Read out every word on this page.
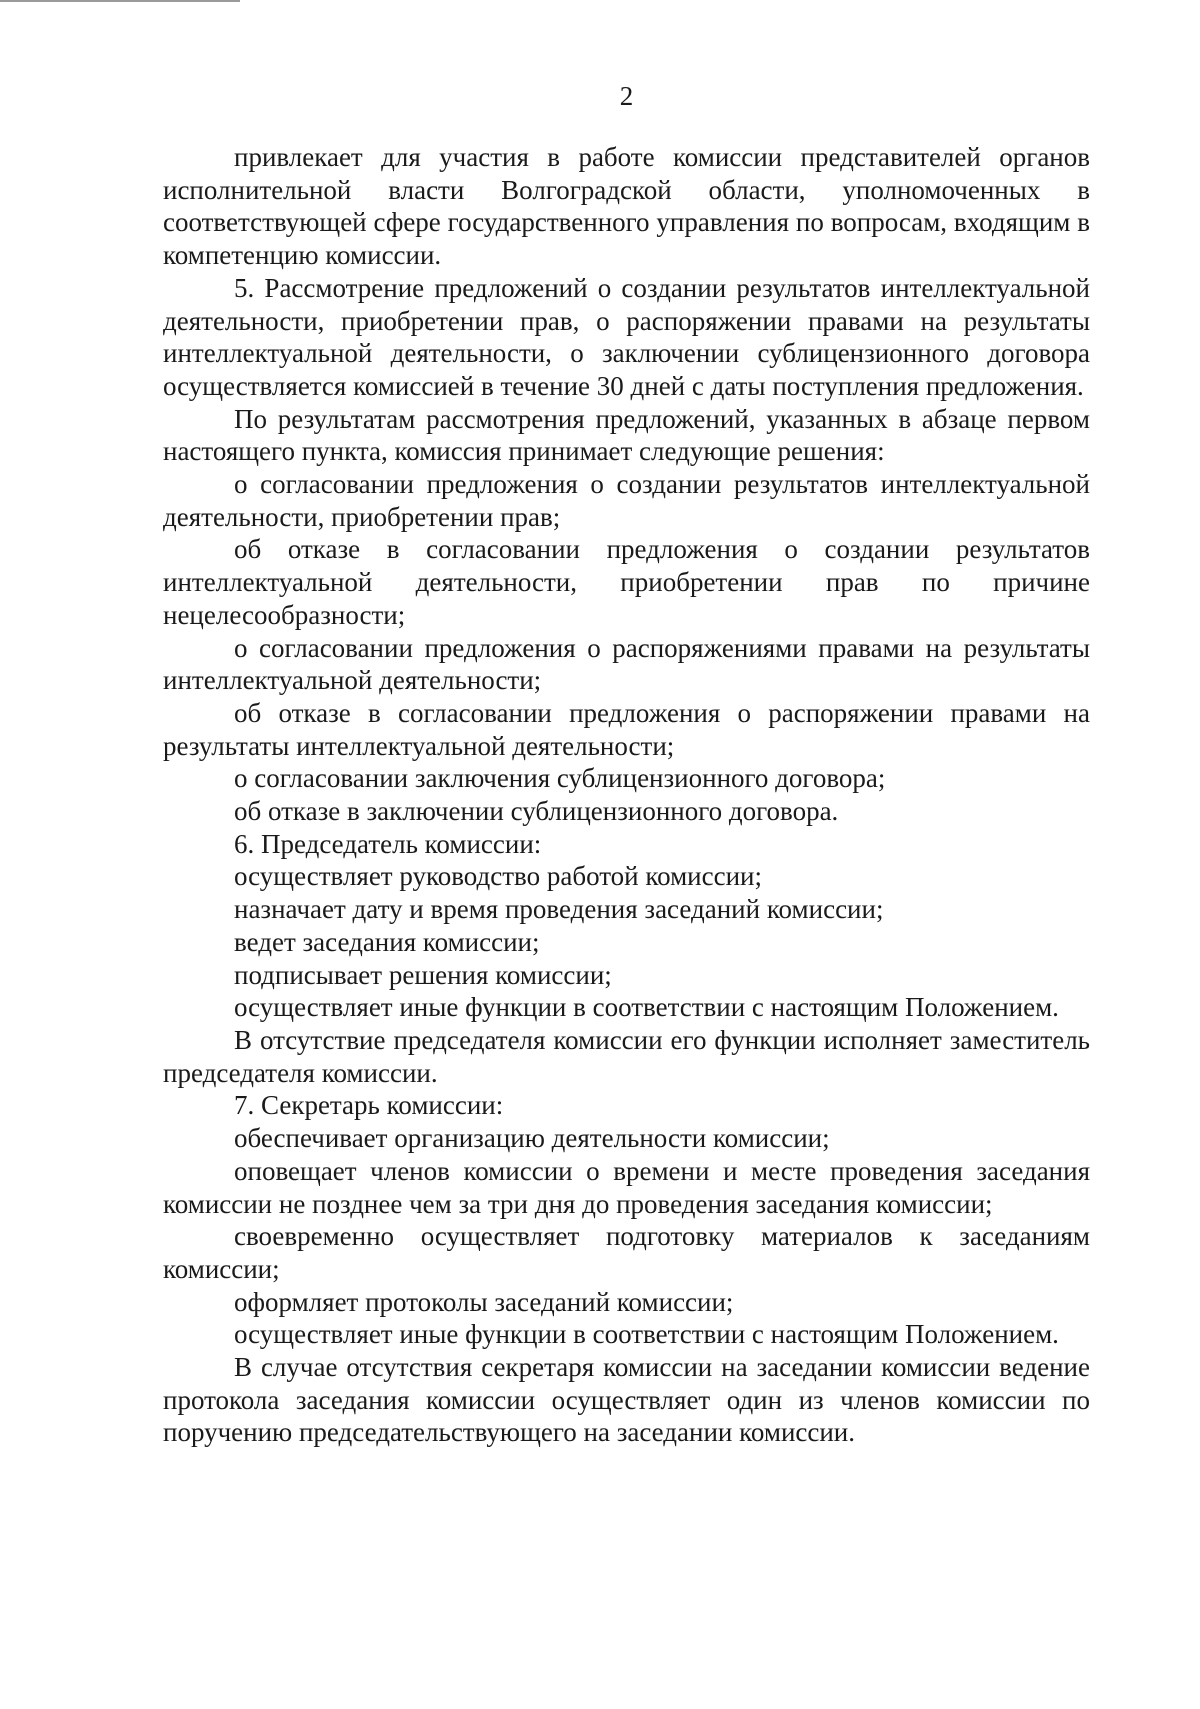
2

привлекает для участия в работе комиссии представителей органов исполнительной власти Волгоградской области, уполномоченных в соответствующей сфере государственного управления по вопросам, входящим в компетенцию комиссии.

5. Рассмотрение предложений о создании результатов интеллектуальной деятельности, приобретении прав, о распоряжении правами на результаты интеллектуальной деятельности, о заключении сублицензионного договора осуществляется комиссией в течение 30 дней с даты поступления предложения.

По результатам рассмотрения предложений, указанных в абзаце первом настоящего пункта, комиссия принимает следующие решения:

о согласовании предложения о создании результатов интеллектуальной деятельности, приобретении прав;

об отказе в согласовании предложения о создании результатов интеллектуальной деятельности, приобретении прав по причине нецелесообразности;

о согласовании предложения о распоряжениями правами на результаты интеллектуальной деятельности;

об отказе в согласовании предложения о распоряжении правами на результаты интеллектуальной деятельности;

о согласовании заключения сублицензионного договора;

об отказе в заключении сублицензионного договора.

6. Председатель комиссии:

осуществляет руководство работой комиссии;

назначает дату и время проведения заседаний комиссии;

ведет заседания комиссии;

подписывает решения комиссии;

осуществляет иные функции в соответствии с настоящим Положением.

В отсутствие председателя комиссии его функции исполняет заместитель председателя комиссии.

7. Секретарь комиссии:

обеспечивает организацию деятельности комиссии;

оповещает членов комиссии о времени и месте проведения заседания комиссии не позднее чем за три дня до проведения заседания комиссии;

своевременно осуществляет подготовку материалов к заседаниям комиссии;

оформляет протоколы заседаний комиссии;

осуществляет иные функции в соответствии с настоящим Положением.

В случае отсутствия секретаря комиссии на заседании комиссии ведение протокола заседания комиссии осуществляет один из членов комиссии по поручению председательствующего на заседании комиссии.
